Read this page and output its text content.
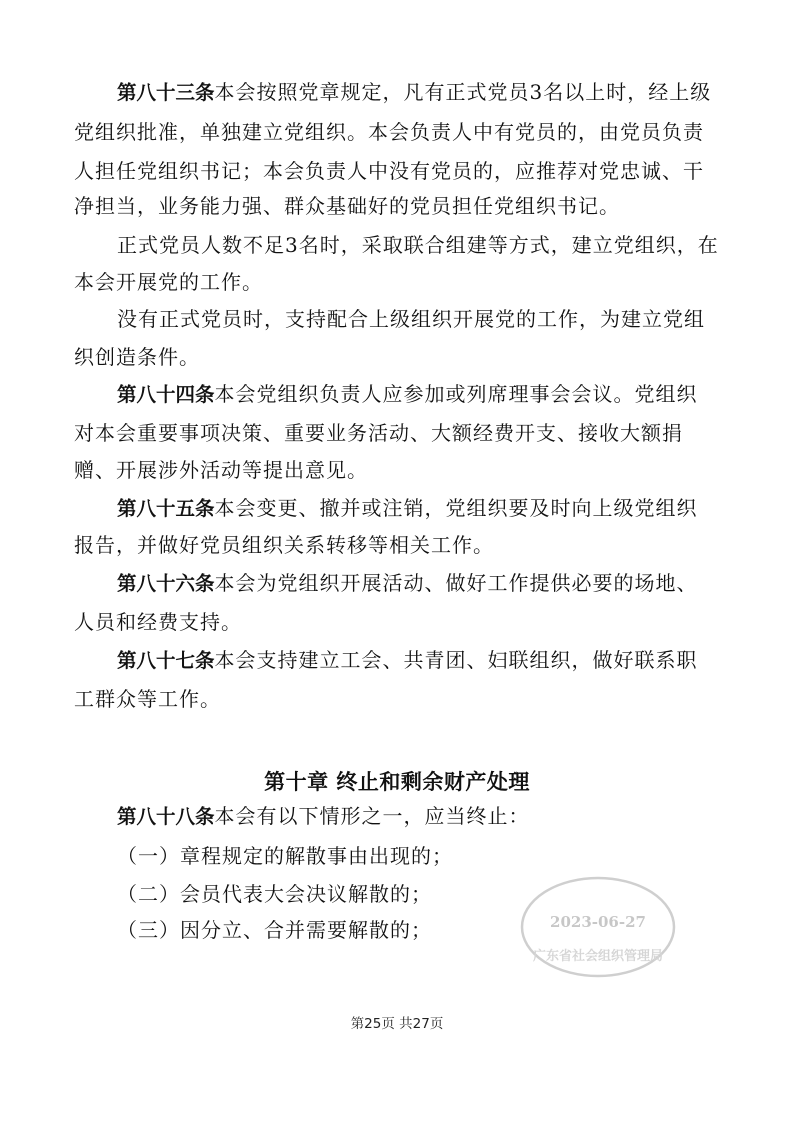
第八十三条本会按照党章规定，凡有正式党员3名以上时，经上级
党组织批准，单独建立党组织。本会负责人中有党员的，由党员负责
人担任党组织书记；本会负责人中没有党员的，应推荐对党忠诚、干
净担当，业务能力强、群众基础好的党员担任党组织书记。
正式党员人数不足3名时，采取联合组建等方式，建立党组织，在
本会开展党的工作。
没有正式党员时，支持配合上级组织开展党的工作，为建立党组
织创造条件。
第八十四条本会党组织负责人应参加或列席理事会会议。党组织
对本会重要事项决策、重要业务活动、大额经费开支、接收大额捐
赠、开展涉外活动等提出意见。
第八十五条本会变更、撤并或注销，党组织要及时向上级党组织
报告，并做好党员组织关系转移等相关工作。
第八十六条本会为党组织开展活动、做好工作提供必要的场地、
人员和经费支持。
第八十七条本会支持建立工会、共青团、妇联组织，做好联系职
工群众等工作。
第十章 终止和剩余财产处理
第八十八条本会有以下情形之一，应当终止：
（一）章程规定的解散事由出现的；
（二）会员代表大会决议解散的；
（三）因分立、合并需要解散的；	2023-06-27
广东省社会组织管理局
第25页 共27页
